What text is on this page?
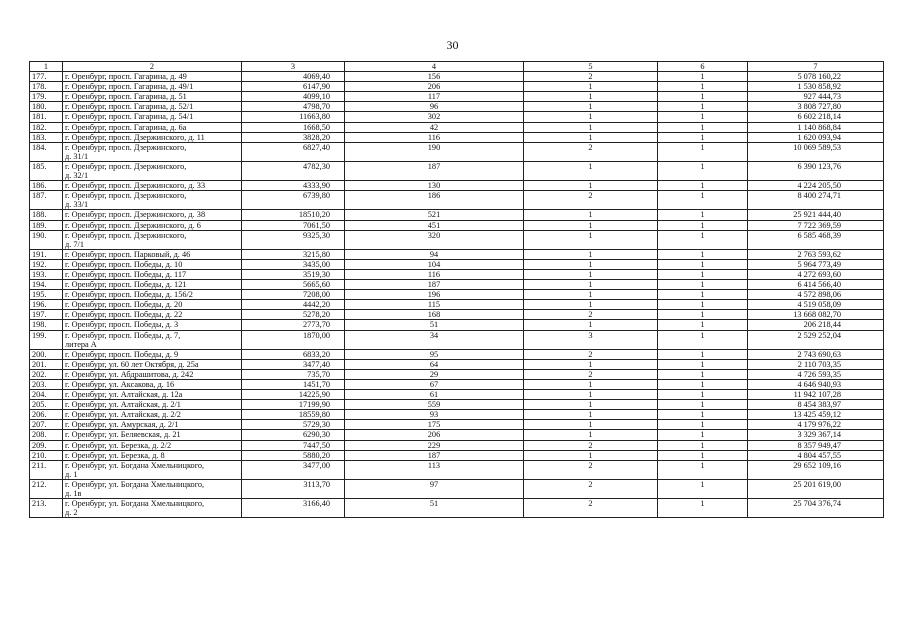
30
1	2	3	4	5	6	7
177.	г. Оренбург, просп. Гагарина, д. 49	4069,40	156	2	1	5 078 160,22
178.	г. Оренбург, просп. Гагарина, д. 49/1	6147,90	206	1	1	1 530 858,92
179.	г. Оренбург, просп. Гагарина, д. 51	4099,10	117	1	1	927 444,73
180.	г. Оренбург, просп. Гагарина, д. 52/1	4798,70	96	1	1	3 808 727,80
181.	г. Оренбург, просп. Гагарина, д. 54/1	11663,80	302	1	1	6 602 218,14
182.	г. Оренбург, просп. Гагарина, д. 6а	1668,50	42	1	1	1 140 868,84
183.	г. Оренбург, просп. Дзержинского, д. 11	3828,20	116	1	1	1 620 093,94
184.	г. Оренбург, просп. Дзержинского,
д. 31/1	6827,40	190	2	1	10 069 589,53
185.	г. Оренбург, просп. Дзержинского,
д. 32/1	4782,30	187	1	1	6 390 123,76
186.	г. Оренбург, просп. Дзержинского, д. 33	4333,90	130	1	1	4 224 205,50
187.	г. Оренбург, просп. Дзержинского,
д. 33/1	6739,80	186	2	1	8 400 274,71
188.	г. Оренбург, просп. Дзержинского, д. 38	18510,20	521	1	1	25 921 444,40
189.	г. Оренбург, просп. Дзержинского, д. 6	7061,50	451	1	1	7 722 369,59
190.	г. Оренбург, просп. Дзержинского,
д. 7/1	9325,30	320	1	1	6 585 468,39
191.	г. Оренбург, просп. Парковый, д. 46	3215,80	94	1	1	2 763 593,62
192.	г. Оренбург, просп. Победы, д. 10	3435,00	104	1	1	5 964 773,49
193.	г. Оренбург, просп. Победы, д. 117	3519,30	116	1	1	4 272 693,60
194.	г. Оренбург, просп. Победы, д. 121	5665,60	187	1	1	6 414 566,40
195.	г. Оренбург, просп. Победы, д. 156/2	7208,00	196	1	1	4 572 898,06
196.	г. Оренбург, просп. Победы, д. 20	4442,20	115	1	1	4 519 058,09
197.	г. Оренбург, просп. Победы, д. 22	5278,20	168	2	1	13 668 082,70
198.	г. Оренбург, просп. Победы, д. 3	2773,70	51	1	1	206 218,44
199.	г. Оренбург, просп. Победы, д. 7,
литера А	1870,00	34	3	1	2 529 252,04
200.	г. Оренбург, просп. Победы, д. 9	6833,20	95	2	1	2 743 690,63
201.	г. Оренбург, ул. 60 лет Октября, д. 25а	3477,40	64	1	1	2 110 703,35
202.	г. Оренбург, ул. Абдрашитова, д. 242	735,70	29	2	1	4 726 593,35
203.	г. Оренбург, ул. Аксакова, д. 16	1451,70	67	1	1	4 646 940,93
204.	г. Оренбург, ул. Алтайская, д. 12а	14225,90	61	1	1	11 942 107,28
205.	г. Оренбург, ул. Алтайская, д. 2/1	17199,90	559	1	1	8 454 383,97
206.	г. Оренбург, ул. Алтайская, д. 2/2	18559,80	93	1	1	13 425 459,12
207.	г. Оренбург, ул. Амурская, д. 2/1	5729,30	175	1	1	4 179 976,22
208.	г. Оренбург, ул. Беляевская, д. 21	6290,30	206	1	1	3 329 367,14
209.	г. Оренбург, ул. Березка, д. 2/2	7447,50	229	2	1	8 357 949,47
210.	г. Оренбург, ул. Березка, д. 8	5880,20	187	1	1	4 804 457,55
211.	г. Оренбург, ул. Богдана Хмельницкого,
д. 1	3477,00	113	2	1	29 652 109,16
212.	г. Оренбург, ул. Богдана Хмельницкого,
д. 1в	3113,70	97	2	1	25 201 619,00
213.	г. Оренбург, ул. Богдана Хмельницкого,
д. 2	3166,40	51	2	1	25 704 376,74
